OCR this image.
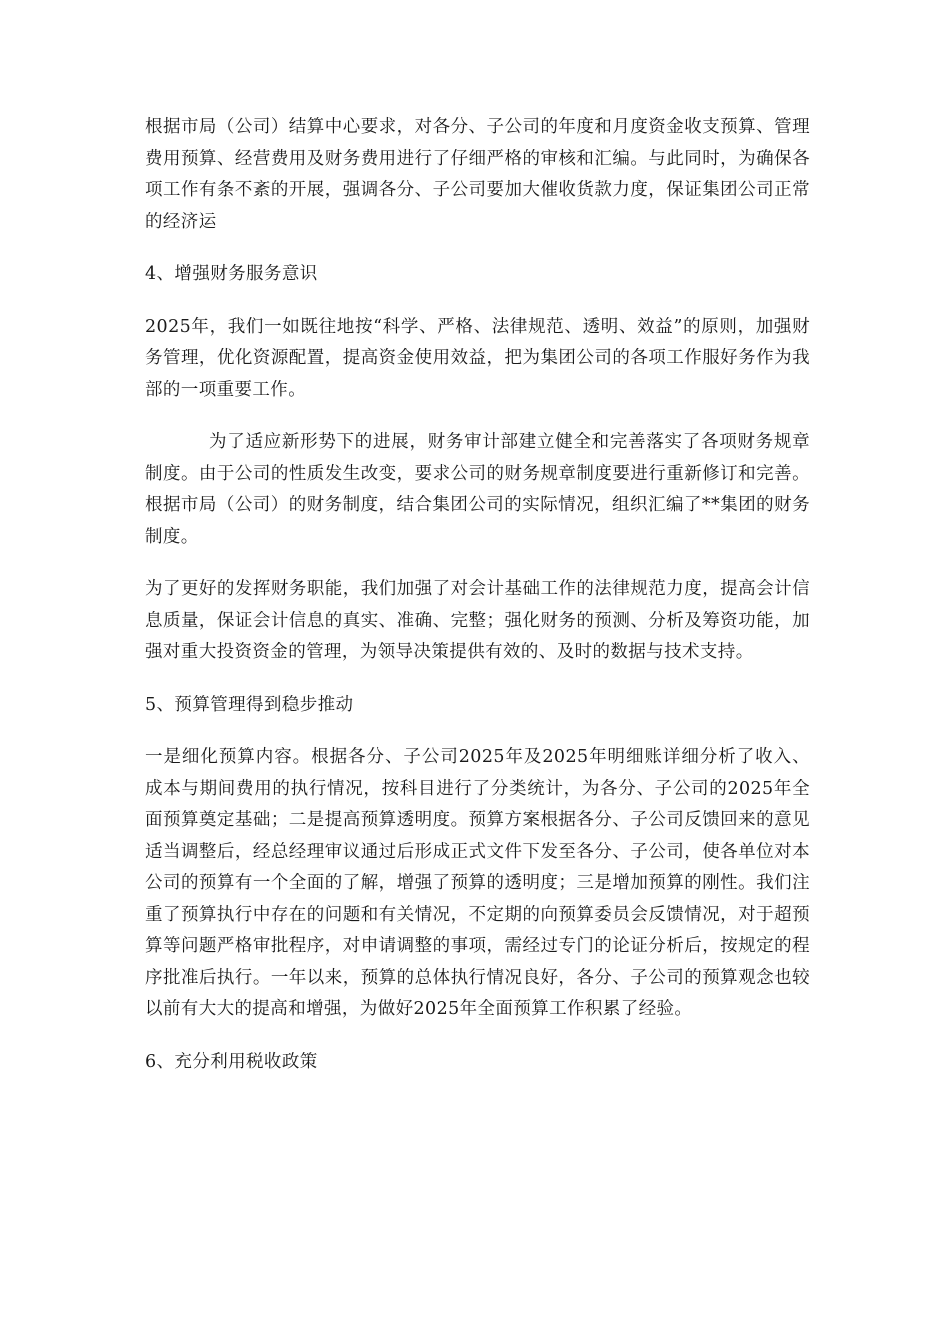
根据市局（公司）结算中心要求，对各分、子公司的年度和月度资金收支预算、管理费用预算、经营费用及财务费用进行了仔细严格的审核和汇编。与此同时，为确保各项工作有条不紊的开展，强调各分、子公司要加大催收货款力度，保证集团公司正常的经济运

4、增强财务服务意识

2025年，我们一如既往地按“科学、严格、法律规范、透明、效益”的原则，加强财务管理，优化资源配置，提高资金使用效益，把为集团公司的各项工作服好务作为我部的一项重要工作。

为了适应新形势下的进展，财务审计部建立健全和完善落实了各项财务规章制度。由于公司的性质发生改变，要求公司的财务规章制度要进行重新修订和完善。根据市局（公司）的财务制度，结合集团公司的实际情况，组织汇编了**集团的财务制度。

为了更好的发挥财务职能，我们加强了对会计基础工作的法律规范力度，提高会计信息质量，保证会计信息的真实、准确、完整；强化财务的预测、分析及筹资功能，加强对重大投资资金的管理，为领导决策提供有效的、及时的数据与技术支持。

5、预算管理得到稳步推动

一是细化预算内容。根据各分、子公司2025年及2025年明细账详细分析了收入、成本与期间费用的执行情况，按科目进行了分类统计，为各分、子公司的2025年全面预算奠定基础；二是提高预算透明度。预算方案根据各分、子公司反馈回来的意见适当调整后，经总经理审议通过后形成正式文件下发至各分、子公司，使各单位对本公司的预算有一个全面的了解，增强了预算的透明度；三是增加预算的刚性。我们注重了预算执行中存在的问题和有关情况，不定期的向预算委员会反馈情况，对于超预算等问题严格审批程序，对申请调整的事项，需经过专门的论证分析后，按规定的程序批准后执行。一年以来，预算的总体执行情况良好，各分、子公司的预算观念也较以前有大大的提高和增强，为做好2025年全面预算工作积累了经验。

6、充分利用税收政策
